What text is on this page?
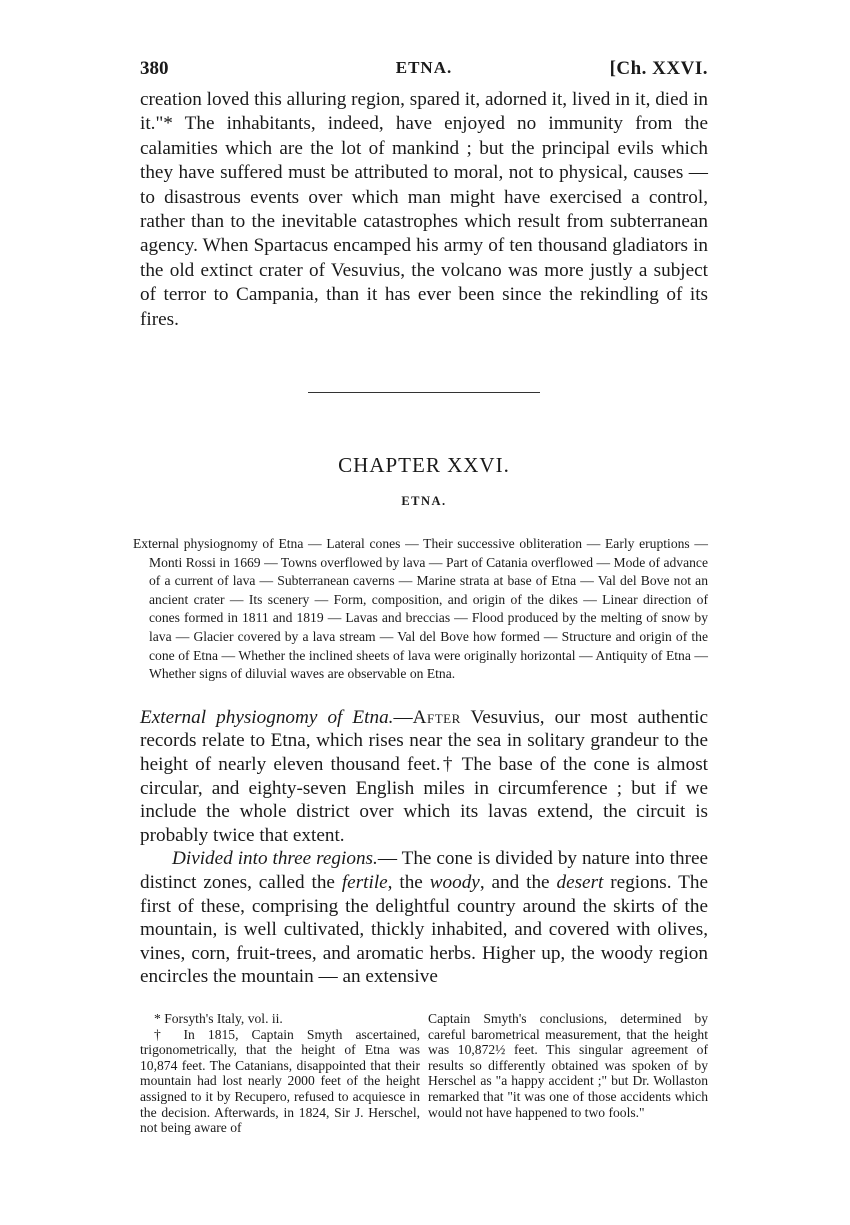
380	ETNA.	[Ch. XXVI.

creation loved this alluring region, spared it, adorned it, lived in it, died in it."* The inhabitants, indeed, have enjoyed no immunity from the calamities which are the lot of mankind ; but the principal evils which they have suffered must be attributed to moral, not to physical, causes — to disastrous events over which man might have exercised a control, rather than to the inevitable catastrophes which result from subterranean agency. When Spartacus encamped his army of ten thousand gladiators in the old extinct crater of Vesuvius, the volcano was more justly a subject of terror to Campania, than it has ever been since the rekindling of its fires.

CHAPTER XXVI.
ETNA.
External physiognomy of Etna — Lateral cones — Their successive obliteration — Early eruptions — Monti Rossi in 1669 — Towns overflowed by lava — Part of Catania overflowed — Mode of advance of a current of lava — Subterranean caverns — Marine strata at base of Etna — Val del Bove not an ancient crater — Its scenery — Form, composition, and origin of the dikes — Linear direction of cones formed in 1811 and 1819 — Lavas and breccias — Flood produced by the melting of snow by lava — Glacier covered by a lava stream — Val del Bove how formed — Structure and origin of the cone of Etna — Whether the inclined sheets of lava were originally horizontal — Antiquity of Etna — Whether signs of diluvial waves are observable on Etna.

External physiognomy of Etna.—After Vesuvius, our most authentic records relate to Etna, which rises near the sea in solitary grandeur to the height of nearly eleven thousand feet.† The base of the cone is almost circular, and eighty-seven English miles in circumference ; but if we include the whole district over which its lavas extend, the circuit is probably twice that extent.

Divided into three regions.— The cone is divided by nature into three distinct zones, called the fertile, the woody, and the desert regions. The first of these, comprising the delightful country around the skirts of the mountain, is well cultivated, thickly inhabited, and covered with olives, vines, corn, fruit-trees, and aromatic herbs. Higher up, the woody region encircles the mountain — an extensive

* Forsyth's Italy, vol. ii.

† In 1815, Captain Smyth ascertained, trigonometrically, that the height of Etna was 10,874 feet. The Catanians, disappointed that their mountain had lost nearly 2000 feet of the height assigned to it by Recupero, refused to acquiesce in the decision. Afterwards, in 1824, Sir J. Herschel, not being aware of

Captain Smyth's conclusions, determined by careful barometrical measurement, that the height was 10,872½ feet. This singular agreement of results so differently obtained was spoken of by Herschel as "a happy accident ;" but Dr. Wollaston remarked that "it was one of those accidents which would not have happened to two fools."
